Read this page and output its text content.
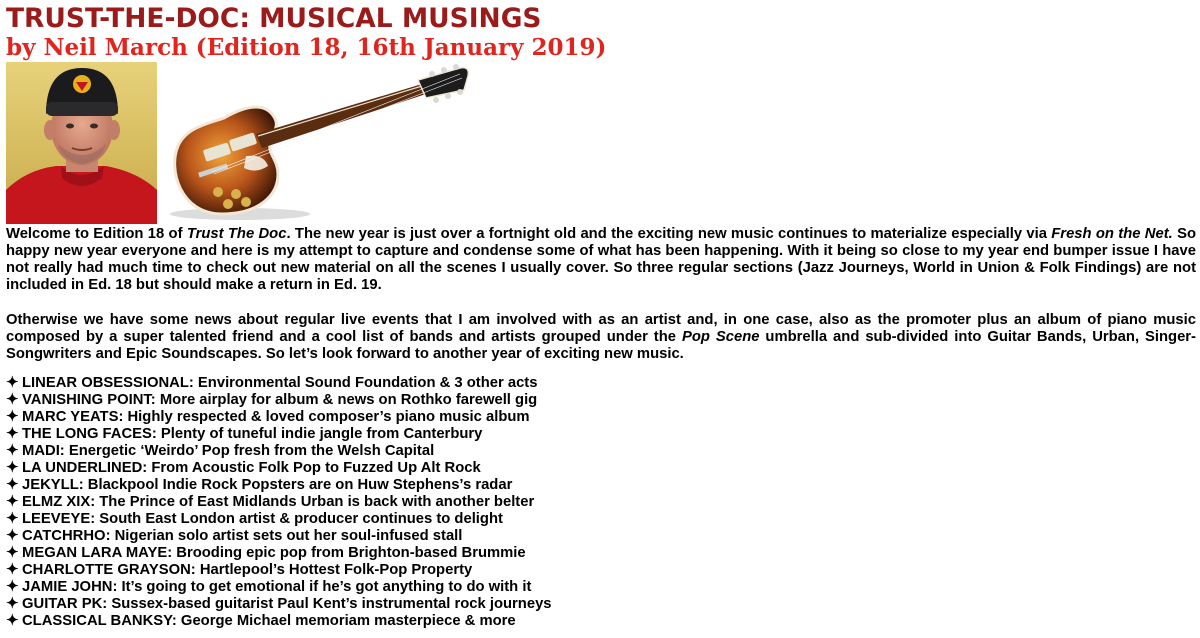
TRUST-THE-DOC: MUSICAL MUSINGS
by Neil March (Edition 18, 16th January 2019)

Welcome to Edition 18 of Trust The Doc. The new year is just over a fortnight old and the exciting new music continues to materialize especially via Fresh on the Net. So happy new year everyone and here is my attempt to capture and condense some of what has been happening. With it being so close to my year end bumper issue I have not really had much time to check out new material on all the scenes I usually cover. So three regular sections (Jazz Journeys, World in Union & Folk Findings) are not included in Ed. 18 but should make a return in Ed. 19.

Otherwise we have some news about regular live events that I am involved with as an artist and, in one case, also as the promoter plus an album of piano music composed by a super talented friend and a cool list of bands and artists grouped under the Pop Scene umbrella and sub-divided into Guitar Bands, Urban, Singer-Songwriters and Epic Soundscapes. So let’s look forward to another year of exciting new music.

✦ LINEAR OBSESSIONAL: Environmental Sound Foundation & 3 other acts
✦ VANISHING POINT: More airplay for album & news on Rothko farewell gig
✦ MARC YEATS: Highly respected & loved composer’s piano music album
✦ THE LONG FACES: Plenty of tuneful indie jangle from Canterbury
✦ MADI: Energetic ‘Weirdo’ Pop fresh from the Welsh Capital
✦ LA UNDERLINED: From Acoustic Folk Pop to Fuzzed Up Alt Rock
✦ JEKYLL: Blackpool Indie Rock Popsters are on Huw Stephens’s radar
✦ ELMZ XIX: The Prince of East Midlands Urban is back with another belter
✦ LEEVEYE: South East London artist & producer continues to delight
✦ CATCHRHO: Nigerian solo artist sets out her soul-infused stall
✦ MEGAN LARA MAYE: Brooding epic pop from Brighton-based Brummie
✦ CHARLOTTE GRAYSON: Hartlepool’s Hottest Folk-Pop Property
✦ JAMIE JOHN: It’s going to get emotional if he’s got anything to do with it
✦ GUITAR PK: Sussex-based guitarist Paul Kent’s instrumental rock journeys
✦ CLASSICAL BANKSY: George Michael memoriam masterpiece & more
